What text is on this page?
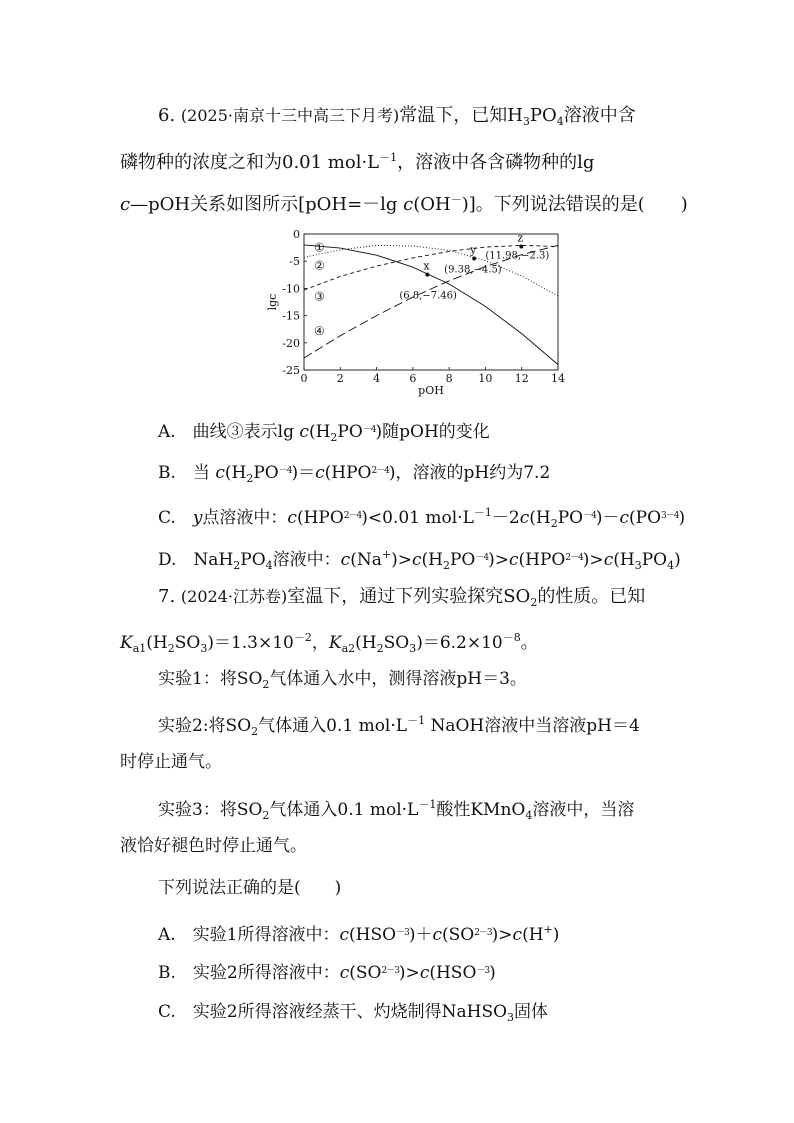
6. (2025·南京十三中高三下月考)常温下，已知$H_3PO_4$溶液中含
磷物种的浓度之和为0.01 $mol\cdot L^{-1}$，溶液中各含磷物种的lg
c—pOH关系如图所示[pOH=－lg c(OH－)]。下列说法错误的是(　　)
0	2	4	6	8 10 12 14
0
-5
-10
-15
-20
-25
pOH
lgc
①
②
③
④
x
(6.8,−7.46)
y
(9.38,−4.5)
z
(11.98,−2.3)
A.　曲线③表示$\lg c(H_2PO^{-4})$随pOH的变化
B.　当 $c(H_2PO^{-4})=c(HPO^{2-4})$，溶液的pH约为7.2
C.　y点溶液中：$c(HPO^{2-4})<0.01$ $mol\cdot L^{-1}-2c(H_2PO^{-4})-c(PO^{3-4})$
D.　$NaH_2PO_4$溶液中：$c(Na^+)>c(H_2PO^{-4})>c(HPO^{2-4})>c(H_3PO_4)$
7. (2024·江苏卷)室温下，通过下列实验探究$SO_2$的性质。已知
$K_{a1}(H_2SO_3)=1.3\times 10^{-2}$，$K_{a2}(H_2SO_3)=6.2\times 10^{-8}$。
实验1：将$SO_2$气体通入水中，测得溶液pH＝3。
实验2:将$SO_2$气体通入0.1 $mol\cdot L^{-1}$ NaOH溶液中当溶液pH＝4
时停止通气。
实验3：将$SO_2$气体通入0.1 $mol\cdot L^{-1}$酸性KMnO$_4$溶液中，当溶
液恰好褪色时停止通气。
下列说法正确的是(　　)
A.　实验1所得溶液中：$c(HSO^{-3})+c(SO^{2-3})>c(H^+)$
B.　实验2所得溶液中：$c(SO^{2-3})>c(HSO^{-3})$
C.　实验2所得溶液经蒸干、灼烧制得NaHSO$_3$固体
